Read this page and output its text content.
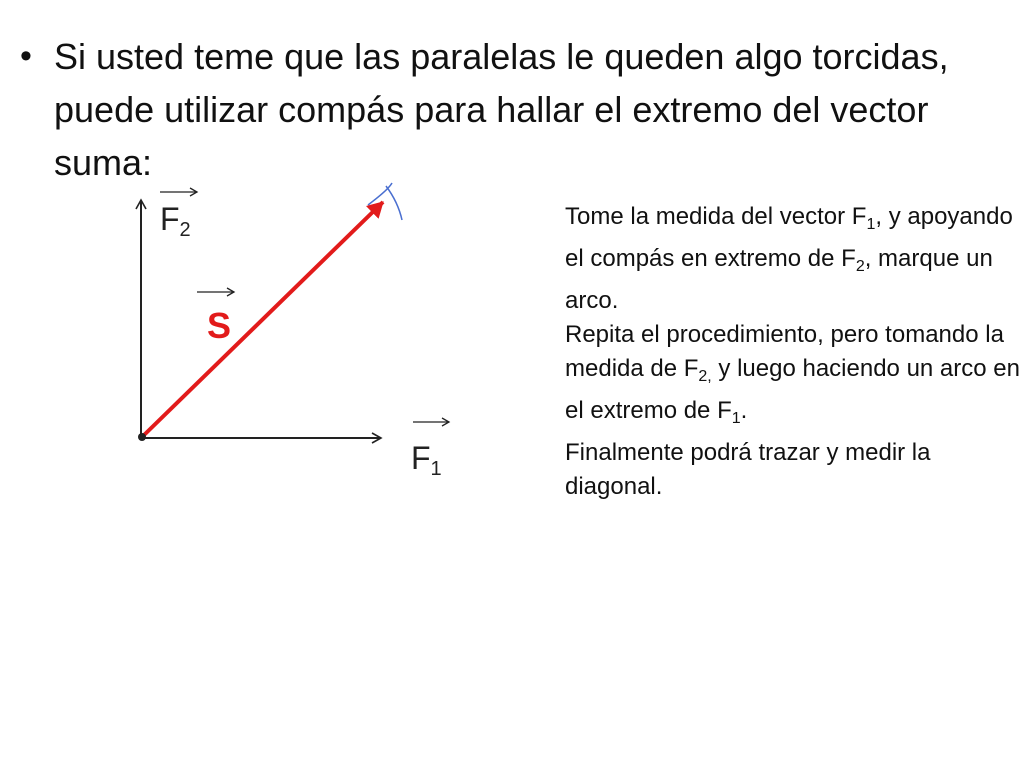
• Si usted teme que las paralelas le queden algo torcidas, puede utilizar compás para hallar el extremo del vector suma:
$F_2$
S
$F_1$

Tome la medida del vector $F_1$, y apoyando el compás en extremo de $F_2$, marque un arco.

Repita el procedimiento, pero tomando la medida de $F_{2,}$ y luego haciendo un arco en el extremo de $F_1$.

Finalmente podrá trazar y medir la diagonal.
